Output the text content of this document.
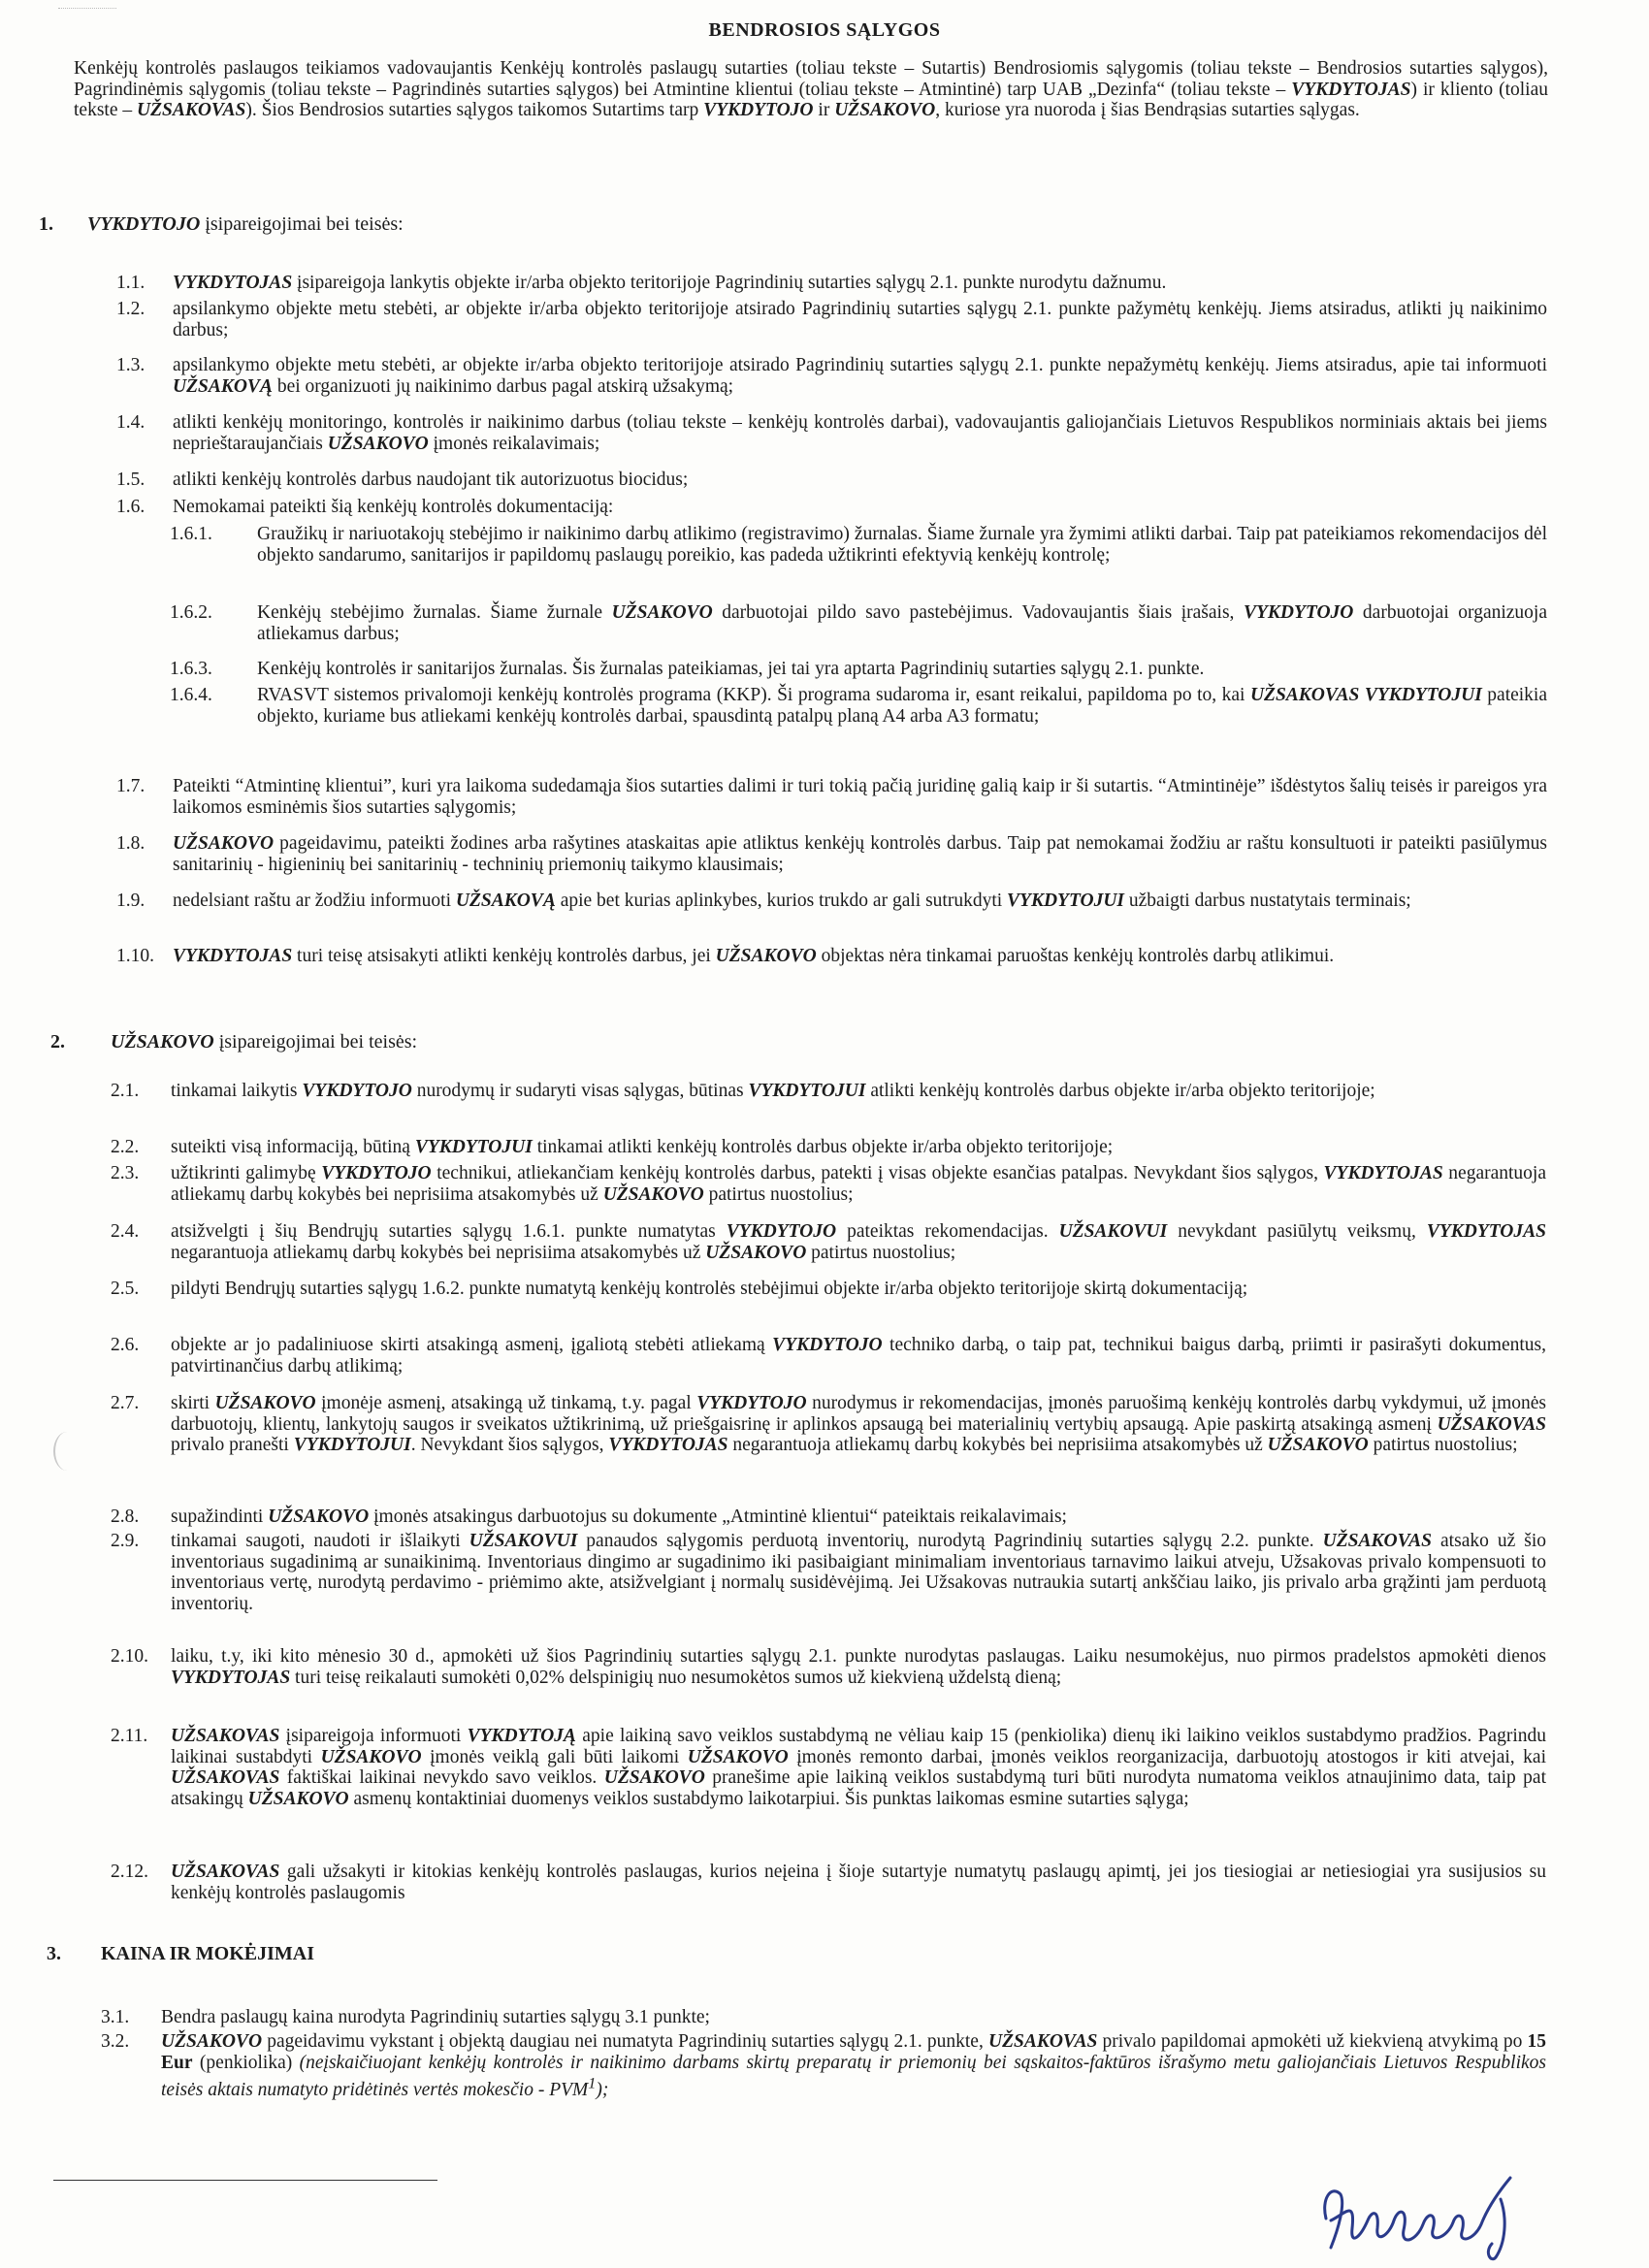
BENDROSIOS SĄLYGOS
Kenkėjų kontrolės paslaugos teikiamos vadovaujantis Kenkėjų kontrolės paslaugų sutarties (toliau tekste – Sutartis) Bendrosiomis sąlygomis (toliau tekste – Bendrosios sutarties sąlygos), Pagrindinėmis sąlygomis (toliau tekste – Pagrindinės sutarties sąlygos) bei Atmintine klientui (toliau tekste – Atmintinė) tarp UAB „Dezinfa“ (toliau tekste – VYKDYTOJAS) ir kliento (toliau tekste – UŽSAKOVAS). Šios Bendrosios sutarties sąlygos taikomos Sutartims tarp VYKDYTOJO ir UŽSAKOVO, kuriose yra nuoroda į šias Bendrąsias sutarties sąlygas.
1. VYKDYTOJO įsipareigojimai bei teisės:
1.1. VYKDYTOJAS įsipareigoja lankytis objekte ir/arba objekto teritorijoje Pagrindinių sutarties sąlygų 2.1. punkte nurodytu dažnumu.
1.2. apsilankymo objekte metu stebėti, ar objekte ir/arba objekto teritorijoje atsirado Pagrindinių sutarties sąlygų 2.1. punkte pažymėtų kenkėjų. Jiems atsiradus, atlikti jų naikinimo darbus;
1.3. apsilankymo objekte metu stebėti, ar objekte ir/arba objekto teritorijoje atsirado Pagrindinių sutarties sąlygų 2.1. punkte nepažymėtų kenkėjų. Jiems atsiradus, apie tai informuoti UŽSAKOVĄ bei organizuoti jų naikinimo darbus pagal atskirą užsakymą;
1.4. atlikti kenkėjų monitoringo, kontrolės ir naikinimo darbus (toliau tekste – kenkėjų kontrolės darbai), vadovaujantis galiojančiais Lietuvos Respublikos norminiais aktais bei jiems neprieštaraujančiais UŽSAKOVO įmonės reikalavimais;
1.5. atlikti kenkėjų kontrolės darbus naudojant tik autorizuotus biocidus;
1.6. Nemokamai pateikti šią kenkėjų kontrolės dokumentaciją:
1.6.1. Graužikų ir nariuotakojų stebėjimo ir naikinimo darbų atlikimo (registravimo) žurnalas. Šiame žurnale yra žymimi atlikti darbai. Taip pat pateikiamos rekomendacijos dėl objekto sandarumo, sanitarijos ir papildomų paslaugų poreikio, kas padeda užtikrinti efektyvią kenkėjų kontrolę;
1.6.2. Kenkėjų stebėjimo žurnalas. Šiame žurnale UŽSAKOVO darbuotojai pildo savo pastebėjimus. Vadovaujantis šiais įrašais, VYKDYTOJO darbuotojai organizuoja atliekamus darbus;
1.6.3. Kenkėjų kontrolės ir sanitarijos žurnalas. Šis žurnalas pateikiamas, jei tai yra aptarta Pagrindinių sutarties sąlygų 2.1. punkte.
1.6.4. RVASVT sistemos privalomoji kenkėjų kontrolės programa (KKP). Ši programa sudaroma ir, esant reikalui, papildoma po to, kai UŽSAKOVAS VYKDYTOJUI pateikia objekto, kuriame bus atliekami kenkėjų kontrolės darbai, spausdintą patalpų planą A4 arba A3 formatu;
1.7. Pateikti “Atmintinę klientui”, kuri yra laikoma sudedamąja šios sutarties dalimi ir turi tokią pačią juridinę galią kaip ir ši sutartis. “Atmintinėje” išdėstytos šalių teisės ir pareigos yra laikomos esminėmis šios sutarties sąlygomis;
1.8. UŽSAKOVO pageidavimu, pateikti žodines arba rašytines ataskaitas apie atliktus kenkėjų kontrolės darbus. Taip pat nemokamai žodžiu ar raštu konsultuoti ir pateikti pasiūlymus sanitarinių - higieninių bei sanitarinių - techninių priemonių taikymo klausimais;
1.9. nedelsiant raštu ar žodžiu informuoti UŽSAKOVĄ apie bet kurias aplinkybes, kurios trukdo ar gali sutrukdyti VYKDYTOJUI užbaigti darbus nustatytais terminais;
1.10. VYKDYTOJAS turi teisę atsisakyti atlikti kenkėjų kontrolės darbus, jei UŽSAKOVO objektas nėra tinkamai paruoštas kenkėjų kontrolės darbų atlikimui.
2. UŽSAKOVO įsipareigojimai bei teisės:
2.1. tinkamai laikytis VYKDYTOJO nurodymų ir sudaryti visas sąlygas, būtinas VYKDYTOJUI atlikti kenkėjų kontrolės darbus objekte ir/arba objekto teritorijoje;
2.2. suteikti visą informaciją, būtiną VYKDYTOJUI tinkamai atlikti kenkėjų kontrolės darbus objekte ir/arba objekto teritorijoje;
2.3. užtikrinti galimybę VYKDYTOJO technikui, atliekančiam kenkėjų kontrolės darbus, patekti į visas objekte esančias patalpas. Nevykdant šios sąlygos, VYKDYTOJAS negarantuoja atliekamų darbų kokybės bei neprisiima atsakomybės už UŽSAKOVO patirtus nuostolius;
2.4. atsižvelgti į šių Bendrųjų sutarties sąlygų 1.6.1. punkte numatytas VYKDYTOJO pateiktas rekomendacijas. UŽSAKOVUI nevykdant pasiūlytų veiksmų, VYKDYTOJAS negarantuoja atliekamų darbų kokybės bei neprisiima atsakomybės už UŽSAKOVO patirtus nuostolius;
2.5. pildyti Bendrųjų sutarties sąlygų 1.6.2. punkte numatytą kenkėjų kontrolės stebėjimui objekte ir/arba objekto teritorijoje skirtą dokumentaciją;
2.6. objekte ar jo padaliniuose skirti atsakingą asmenį, įgaliotą stebėti atliekamą VYKDYTOJO techniko darbą, o taip pat, technikui baigus darbą, priimti ir pasirašyti dokumentus, patvirtinančius darbų atlikimą;
2.7. skirti UŽSAKOVO įmonėje asmenį, atsakingą už tinkamą, t.y. pagal VYKDYTOJO nurodymus ir rekomendacijas, įmonės paruošimą kenkėjų kontrolės darbų vykdymui, už įmonės darbuotojų, klientų, lankytojų saugos ir sveikatos užtikrinimą, už priešgaisrinę ir aplinkos apsaugą bei materialinių vertybių apsaugą. Apie paskirtą atsakingą asmenį UŽSAKOVAS privalo pranešti VYKDYTOJUI. Nevykdant šios sąlygos, VYKDYTOJAS negarantuoja atliekamų darbų kokybės bei neprisiima atsakomybės už UŽSAKOVO patirtus nuostolius;
2.8. supažindinti UŽSAKOVO įmonės atsakingus darbuotojus su dokumente „Atmintinė klientui“ pateiktais reikalavimais;
2.9. tinkamai saugoti, naudoti ir išlaikyti UŽSAKOVUI panaudos sąlygomis perduotą inventorių, nurodytą Pagrindinių sutarties sąlygų 2.2. punkte. UŽSAKOVAS atsako už šio inventoriaus sugadinimą ar sunaikinimą. Inventoriaus dingimo ar sugadinimo iki pasibaigiant minimaliam inventoriaus tarnavimo laikui atveju, Užsakovas privalo kompensuoti to inventoriaus vertę, nurodytą perdavimo - priėmimo akte, atsižvelgiant į normalų susidėvėjimą. Jei Užsakovas nutraukia sutartį ankščiau laiko, jis privalo arba grąžinti jam perduotą inventorių.
2.10. laiku, t.y, iki kito mėnesio 30 d., apmokėti už šios Pagrindinių sutarties sąlygų 2.1. punkte nurodytas paslaugas. Laiku nesumokėjus, nuo pirmos pradelstos apmokėti dienos VYKDYTOJAS turi teisę reikalauti sumokėti 0,02% delspinigių nuo nesumokėtos sumos už kiekvieną uždelstą dieną;
2.11. UŽSAKOVAS įsipareigoja informuoti VYKDYTOJĄ apie laikiną savo veiklos sustabdymą ne vėliau kaip 15 (penkiolika) dienų iki laikino veiklos sustabdymo pradžios. Pagrindu laikinai sustabdyti UŽSAKOVO įmonės veiklą gali būti laikomi UŽSAKOVO įmonės remonto darbai, įmonės veiklos reorganizacija, darbuotojų atostogos ir kiti atvejai, kai UŽSAKOVAS faktiškai laikinai nevykdo savo veiklos. UŽSAKOVO pranešime apie laikiną veiklos sustabdymą turi būti nurodyta numatoma veiklos atnaujinimo data, taip pat atsakingų UŽSAKOVO asmenų kontaktiniai duomenys veiklos sustabdymo laikotarpiui. Šis punktas laikomas esmine sutarties sąlyga;
2.12. UŽSAKOVAS gali užsakyti ir kitokias kenkėjų kontrolės paslaugas, kurios neįeina į šioje sutartyje numatytų paslaugų apimtį, jei jos tiesiogiai ar netiesiogiai yra susijusios su kenkėjų kontrolės paslaugomis
3. KAINA IR MOKĖJIMAI
3.1. Bendra paslaugų kaina nurodyta Pagrindinių sutarties sąlygų 3.1 punkte;
3.2. UŽSAKOVO pageidavimu vykstant į objektą daugiau nei numatyta Pagrindinių sutarties sąlygų 2.1. punkte, UŽSAKOVAS privalo papildomai apmokėti už kiekvieną atvykimą po 15 Eur (penkiolika) (neįskaičiuojant kenkėjų kontrolės ir naikinimo darbams skirtų preparatų ir priemonių bei sąskaitos-faktūros išrašymo metu galiojančiais Lietuvos Respublikos teisės aktais numatyto pridėtinės vertės mokesčio - PVM$^1$);
